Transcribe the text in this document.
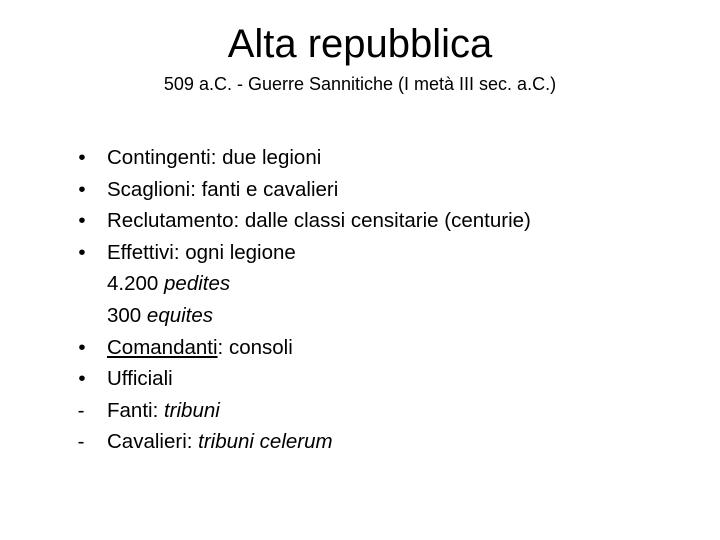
Alta repubblica

509 a.C. - Guerre Sannitiche (I metà III sec. a.C.)

•	Contingenti: due legioni
•	Scaglioni: fanti e cavalieri
•	Reclutamento: dalle classi censitarie (centurie)
•	Effettivi: ogni legione
4.200 pedites
300 equites
•	Comandanti: consoli
•	Ufficiali
-	Fanti: tribuni
-	Cavalieri: tribuni celerum
